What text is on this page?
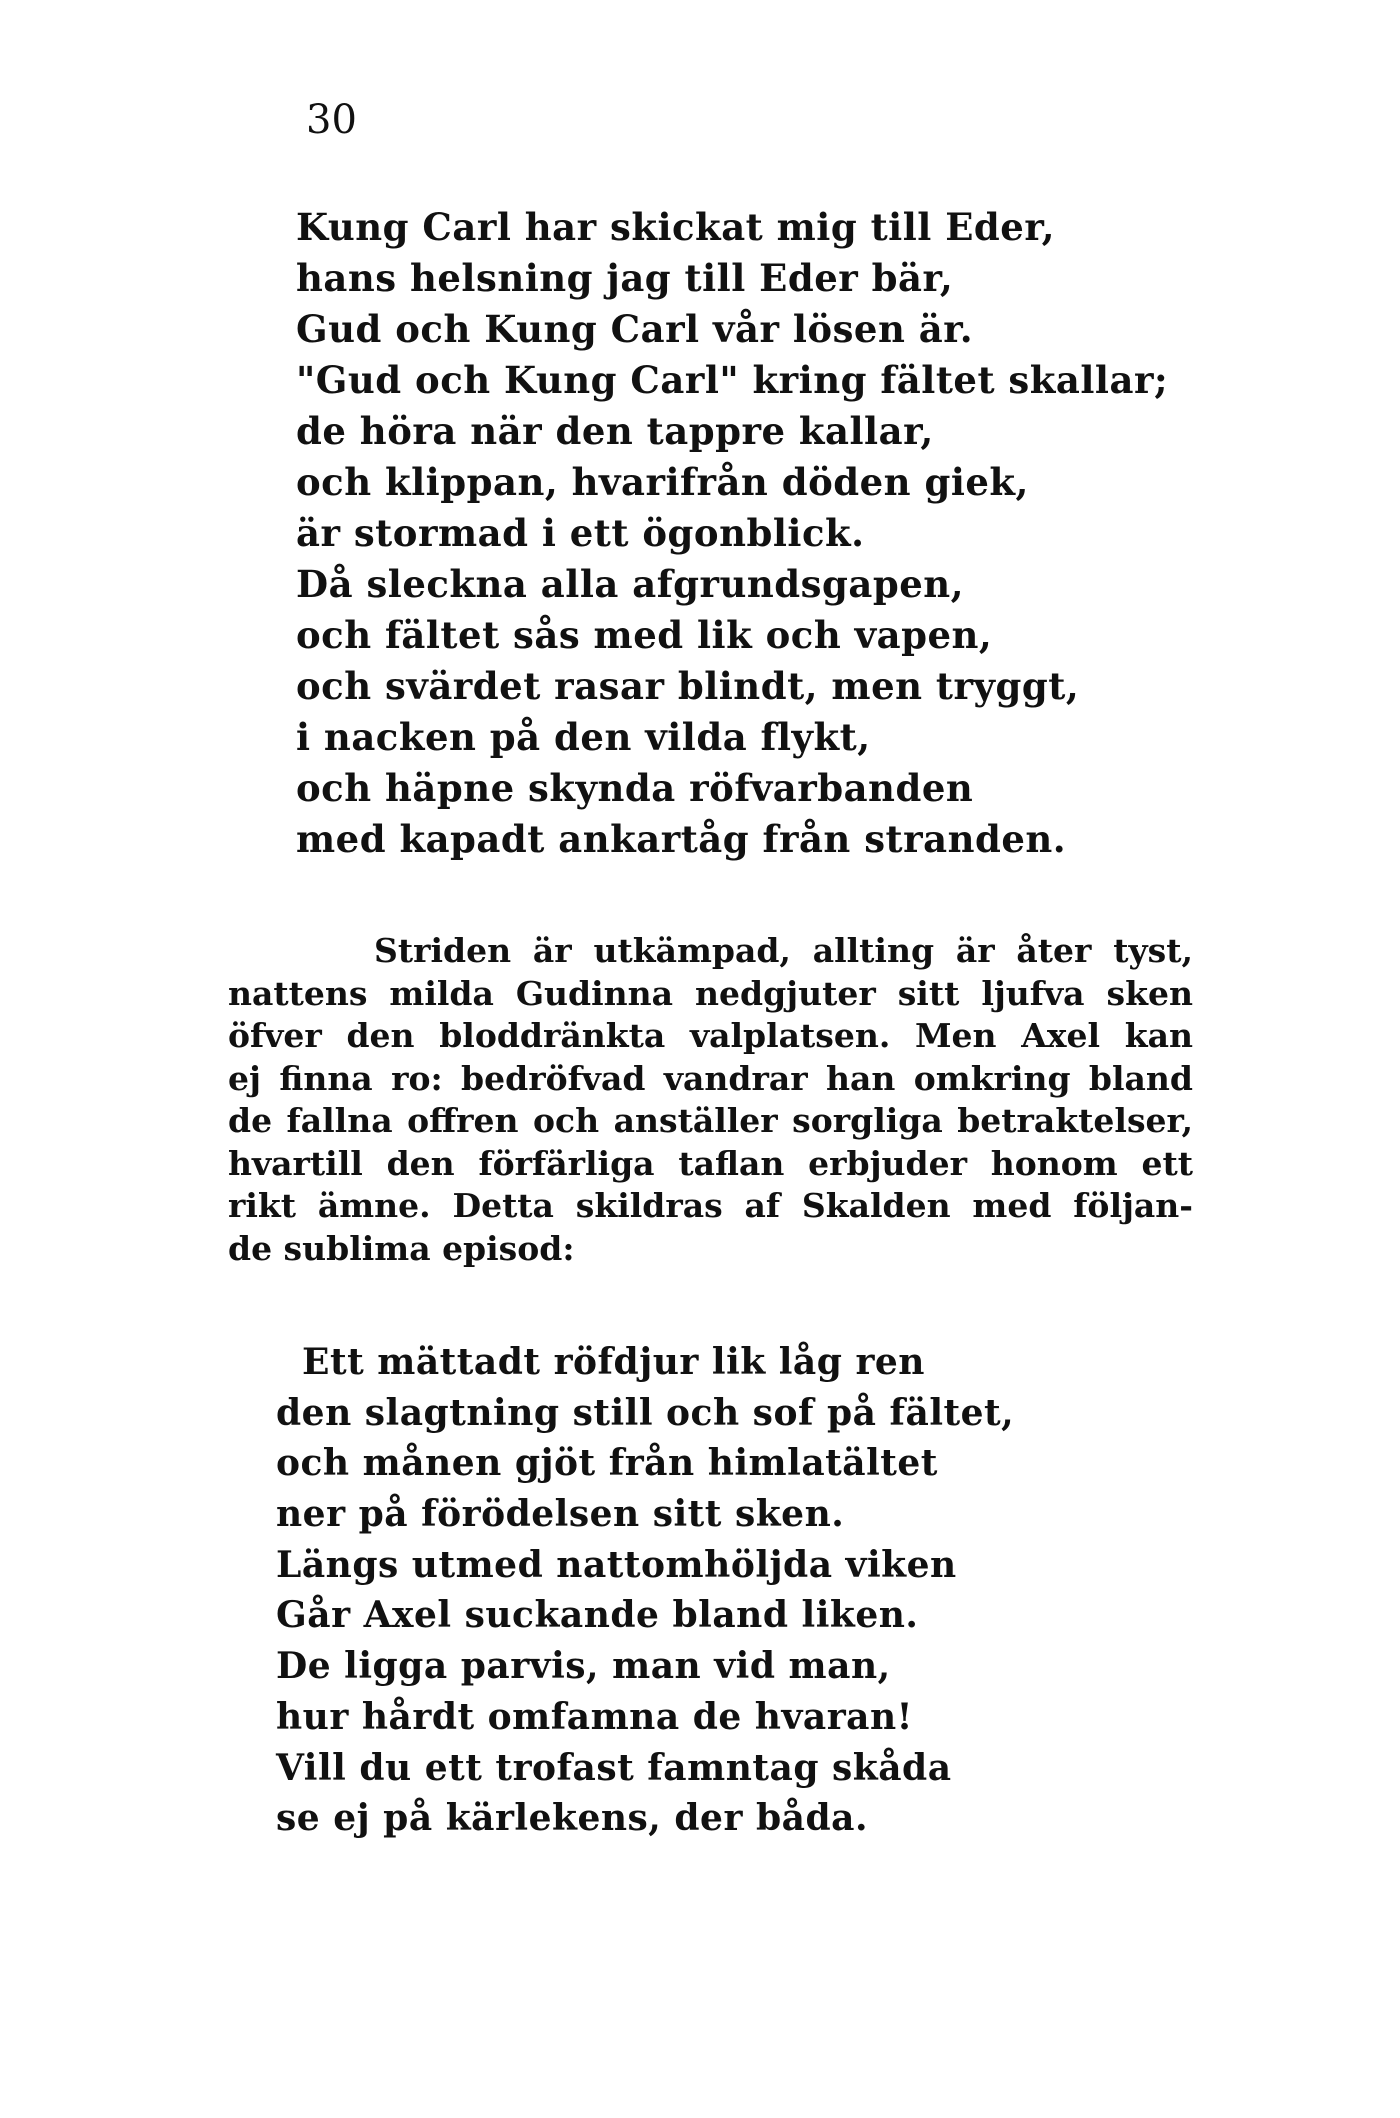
30
Kung Carl har skickat mig till Eder,
hans helsning jag till Eder bär,
Gud och Kung Carl vår lösen är.
"Gud och Kung Carl" kring fältet skallar;
de höra när den tappre kallar,
och klippan, hvarifrån döden giek,
är stormad i ett ögonblick.
Då sleckna alla afgrundsgapen,
och fältet sås med lik och vapen,
och svärdet rasar blindt, men tryggt,
i nacken på den vilda flykt,
och häpne skynda röfvarbanden
med kapadt ankartåg från stranden.
Striden är utkämpad, allting är åter tyst,
nattens milda Gudinna nedgjuter sitt ljufva sken
öfver den bloddränkta valplatsen. Men Axel kan
ej finna ro: bedröfvad vandrar han omkring bland
de fallna offren och anställer sorgliga betraktelser,
hvartill den förfärliga taflan erbjuder honom ett
rikt ämne. Detta skildras af Skalden med följan-
de sublima episod:
Ett mättadt röfdjur lik låg ren
den slagtning still och sof på fältet,
och månen gjöt från himlatältet
ner på förödelsen sitt sken.
Längs utmed nattomhöljda viken
Går Axel suckande bland liken.
De ligga parvis, man vid man,
hur hårdt omfamna de hvaran!
Vill du ett trofast famntag skåda
se ej på kärlekens, der båda.
